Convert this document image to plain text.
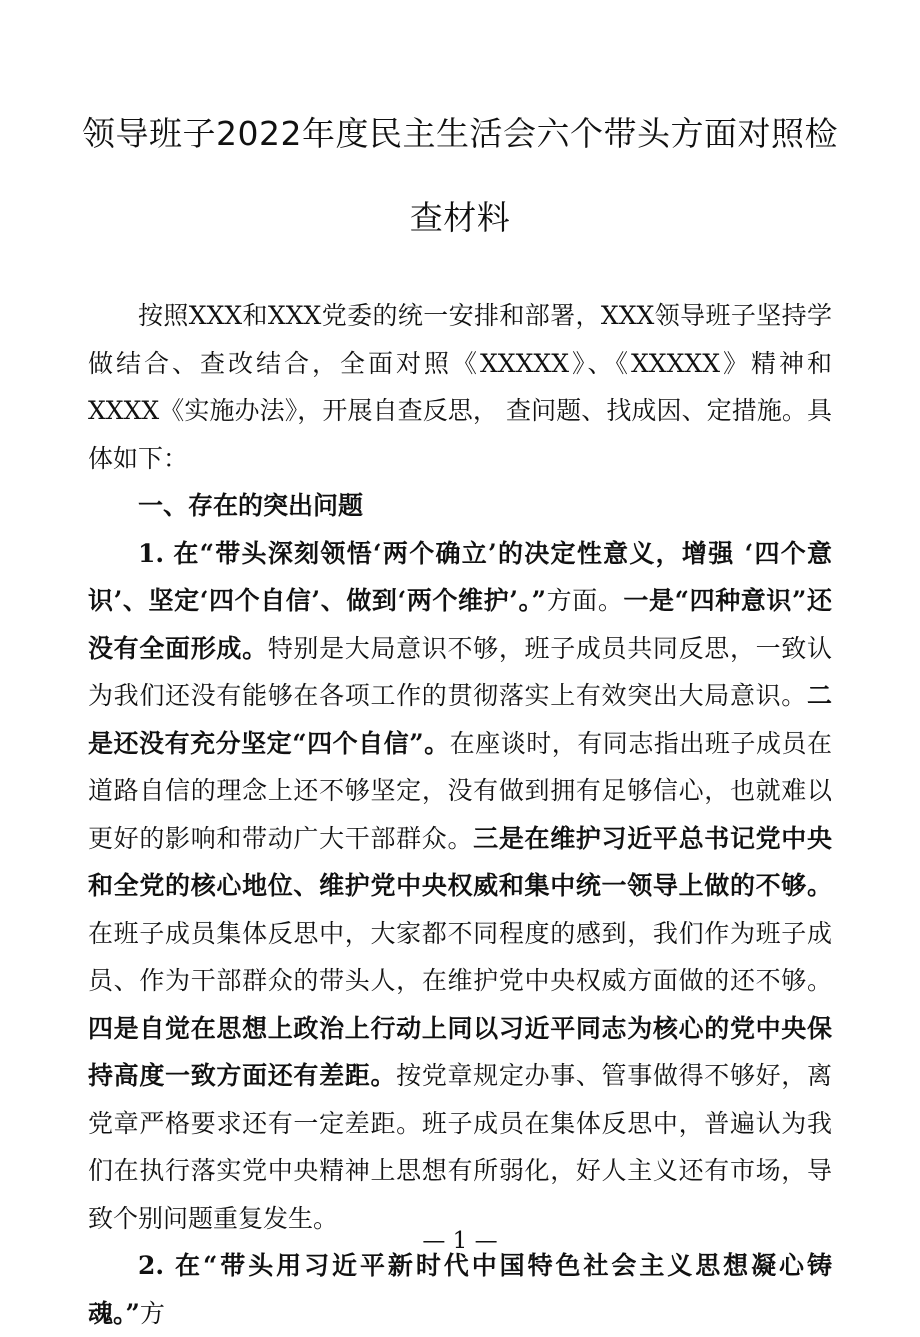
领导班子2022年度民主生活会六个带头方面对照检查材料

按照XXX和XXX党委的统一安排和部署，XXX领导班子坚持学做结合、查改结合，全面对照《XXXXX》、《XXXXX》精神和XXXX《实施办法》，开展自查反思， 查问题、找成因、定措施。具体如下：

一、存在的突出问题

1. 在“带头深刻领悟‘两个确立’的决定性意义，增强 ‘四个意识’、坚定‘四个自信’、做到‘两个维护’。”方面。一是“四种意识”还没有全面形成。特别是大局意识不够，班子成员共同反思，一致认为我们还没有能够在各项工作的贯彻落实上有效突出大局意识。二是还没有充分坚定“四个自信”。在座谈时，有同志指出班子成员在道路自信的理念上还不够坚定，没有做到拥有足够信心，也就难以更好的影响和带动广大干部群众。三是在维护习近平总书记党中央和全党的核心地位、维护党中央权威和集中统一领导上做的不够。在班子成员集体反思中，大家都不同程度的感到，我们作为班子成员、作为干部群众的带头人，在维护党中央权威方面做的还不够。四是自觉在思想上政治上行动上同以习近平同志为核心的党中央保持高度一致方面还有差距。按党章规定办事、管事做得不够好，离党章严格要求还有一定差距。班子成员在集体反思中，普遍认为我们在执行落实党中央精神上思想有所弱化，好人主义还有市场，导致个别问题重复发生。

2. 在“带头用习近平新时代中国特色社会主义思想凝心铸魂。”方

— 1 —
